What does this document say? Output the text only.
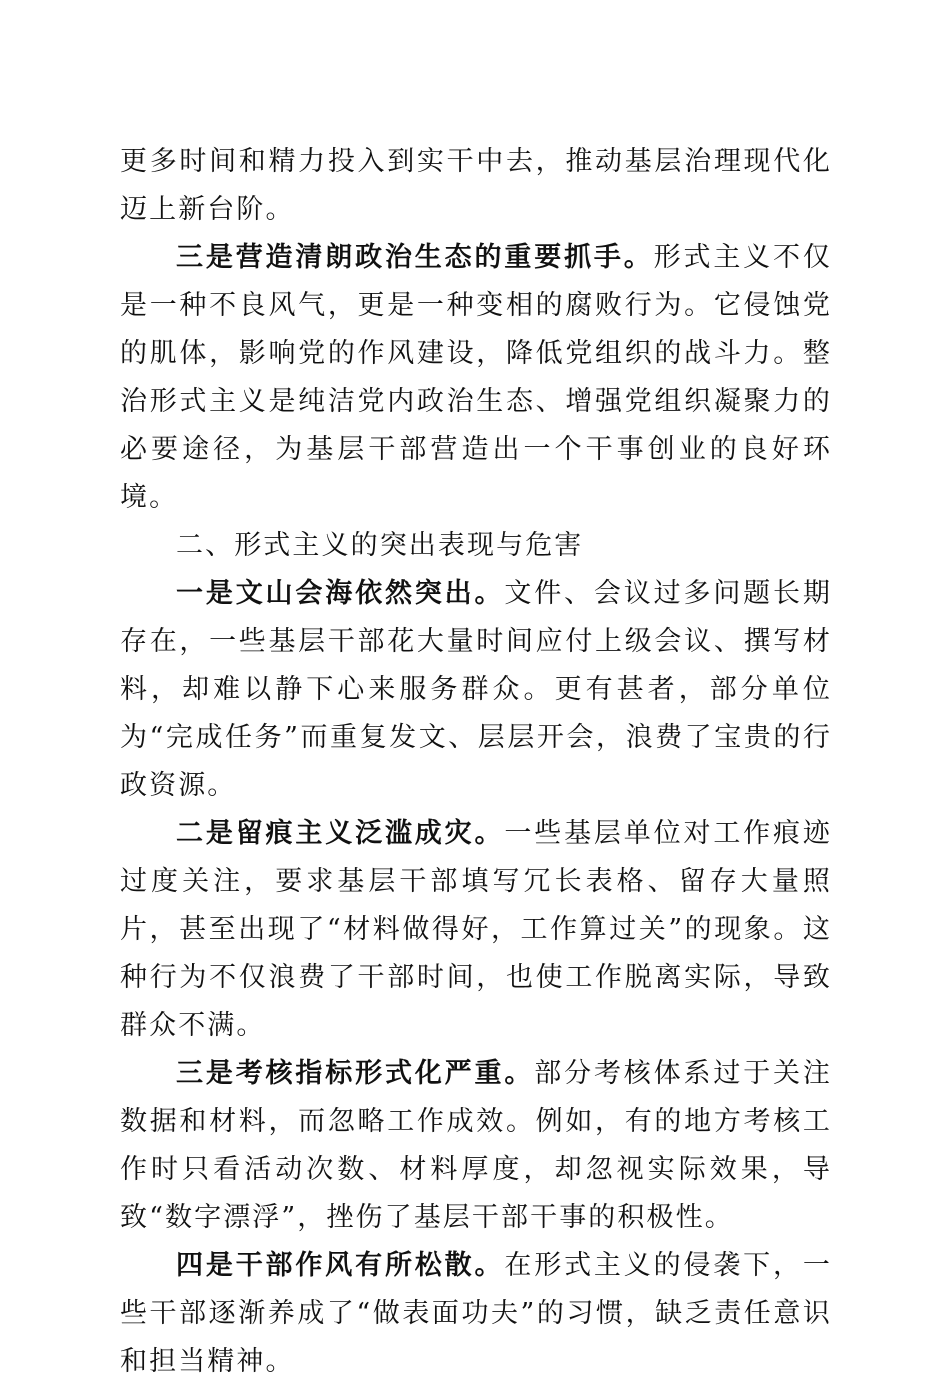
更多时间和精力投入到实干中去，推动基层治理现代化迈上新台阶。

三是营造清朗政治生态的重要抓手。形式主义不仅是一种不良风气，更是一种变相的腐败行为。它侵蚀党的肌体，影响党的作风建设，降低党组织的战斗力。整治形式主义是纯洁党内政治生态、增强党组织凝聚力的必要途径，为基层干部营造出一个干事创业的良好环境。

二、形式主义的突出表现与危害

一是文山会海依然突出。文件、会议过多问题长期存在，一些基层干部花大量时间应付上级会议、撰写材料，却难以静下心来服务群众。更有甚者，部分单位为“完成任务”而重复发文、层层开会，浪费了宝贵的行政资源。

二是留痕主义泛滥成灾。一些基层单位对工作痕迹过度关注，要求基层干部填写冗长表格、留存大量照片，甚至出现了“材料做得好，工作算过关”的现象。这种行为不仅浪费了干部时间，也使工作脱离实际，导致群众不满。

三是考核指标形式化严重。部分考核体系过于关注数据和材料，而忽略工作成效。例如，有的地方考核工作时只看活动次数、材料厚度，却忽视实际效果，导致“数字漂浮”，挫伤了基层干部干事的积极性。

四是干部作风有所松散。在形式主义的侵袭下，一些干部逐渐养成了“做表面功夫”的习惯，缺乏责任意识和担当精神。
